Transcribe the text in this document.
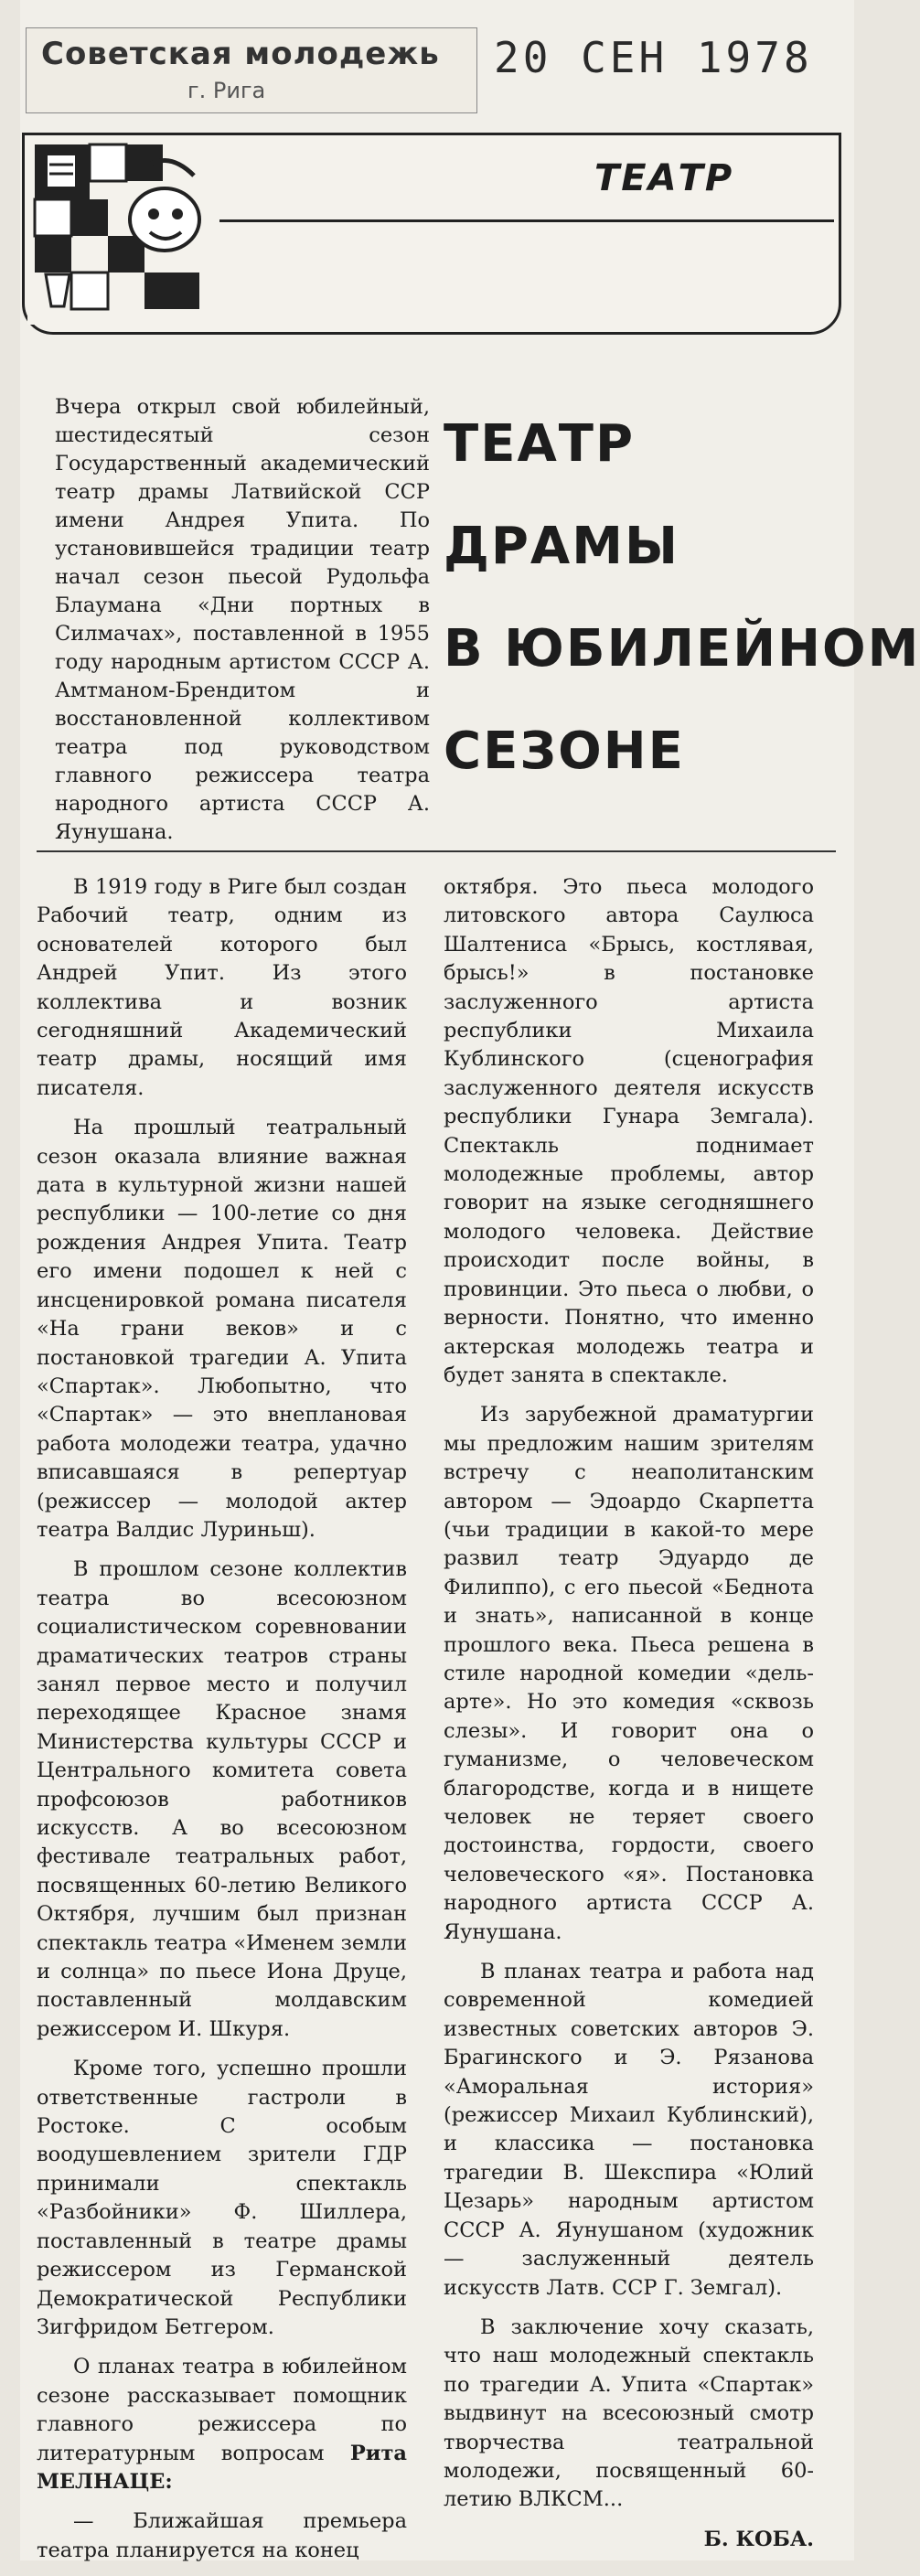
Советская молодежь
г. Рига
20 СЕН 1978
ТЕАТР
Вчера открыл свой юбилейный, шестидесятый сезон Государственный академический театр драмы Латвийской ССР имени Андрея Упита. По установившейся традиции театр начал сезон пьесой Рудольфа Блаумана «Дни портных в Силмачах», поставленной в 1955 году народным артистом СССР А. Амтманом-Брендитом и восстановленной коллективом театра под руководством главного режиссера театра народного артиста СССР А. Яунушана.
ТЕАТР
ДРАМЫ
В ЮБИЛЕЙНОМ
СЕЗОНЕ

В 1919 году в Риге был создан Рабочий театр, одним из основателей которого был Андрей Упит. Из этого коллектива и возник сегодняшний Академический театр драмы, носящий имя писателя.

На прошлый театральный сезон оказала влияние важная дата в культурной жизни нашей республики — 100-летие со дня рождения Андрея Упита. Театр его имени подошел к ней с инсценировкой романа писателя «На грани веков» и с постановкой трагедии А. Упита «Спартак». Любопытно, что «Спартак» — это внеплановая работа молодежи театра, удачно вписавшаяся в репертуар (режиссер — молодой актер театра Валдис Луриньш).

В прошлом сезоне коллектив театра во всесоюзном социалистическом соревновании драматических театров страны занял первое место и получил переходящее Красное знамя Министерства культуры СССР и Центрального комитета совета профсоюзов работников искусств. А во всесоюзном фестивале театральных работ, посвященных 60-летию Великого Октября, лучшим был признан спектакль театра «Именем земли и солнца» по пьесе Иона Друце, поставленный молдавским режиссером И. Шкуря.

Кроме того, успешно прошли ответственные гастроли в Ростоке. С особым воодушевлением зрители ГДР принимали спектакль «Разбойники» Ф. Шиллера, поставленный в театре драмы режиссером из Германской Демократической Республики Зигфридом Бетгером.

О планах театра в юбилейном сезоне рассказывает помощник главного режиссера по литературным вопросам Рита МЕЛНАЦЕ:

— Ближайшая премьера театра планируется на конец

октября. Это пьеса молодого литовского автора Саулюса Шалтениса «Брысь, костлявая, брысь!» в постановке заслуженного артиста республики Михаила Кублинского (сценография заслуженного деятеля искусств республики Гунара Земгала). Спектакль поднимает молодежные проблемы, автор говорит на языке сегодняшнего молодого человека. Действие происходит после войны, в провинции. Это пьеса о любви, о верности. Понятно, что именно актерская молодежь театра и будет занята в спектакле.

Из зарубежной драматургии мы предложим нашим зрителям встречу с неаполитанским автором — Эдоардо Скарпетта (чьи традиции в какой-то мере развил театр Эдуардо де Филиппо), с его пьесой «Беднота и знать», написанной в конце прошлого века. Пьеса решена в стиле народной комедии «дель-арте». Но это комедия «сквозь слезы». И говорит она о гуманизме, о человеческом благородстве, когда и в нищете человек не теряет своего достоинства, гордости, своего человеческого «я». Постановка народного артиста СССР А. Яунушана.

В планах театра и работа над современной комедией известных советских авторов Э. Брагинского и Э. Рязанова «Аморальная история» (режиссер Михаил Кублинский), и классика — постановка трагедии В. Шекспира «Юлий Цезарь» народным артистом СССР А. Яунушаном (художник — заслуженный деятель искусств Латв. ССР Г. Земгал).

В заключение хочу сказать, что наш молодежный спектакль по трагедии А. Упита «Спартак» выдвинут на всесоюзный смотр творчества театральной молодежи, посвященный 60-летию ВЛКСМ...

Б. КОБА.
